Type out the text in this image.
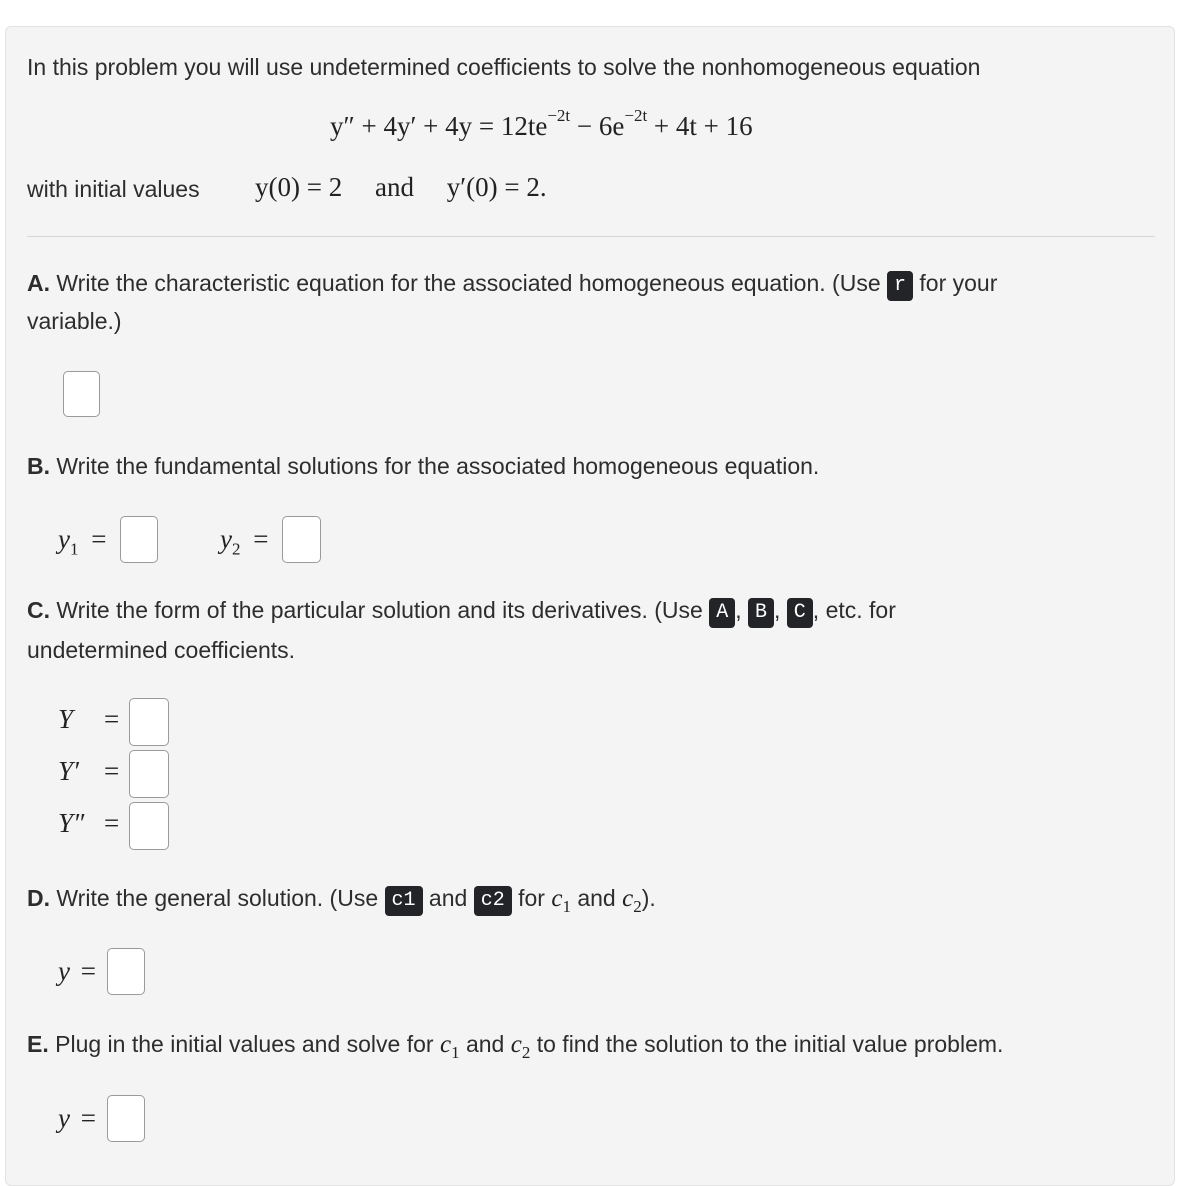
In this problem you will use undetermined coefficients to solve the nonhomogeneous equation
$y'' + 4y' + 4y = 12te^{-2t} - 6e^{-2t} + 4t + 16$
with initial values y(0) = 2 and y′(0) = 2.
A. Write the characteristic equation for the associated homogeneous equation. (Use r for your
variable.)
B. Write the fundamental solutions for the associated homogeneous equation.
$y_1$ =	$y_2$ =
C. Write the form of the particular solution and its derivatives. (Use A , B , C , etc. for
undetermined coefficients.
Y =
Y′ =
Y″ =
D. Write the general solution. (Use c1 and c2 for $c_1$ and $c_2$).
y =
E. Plug in the initial values and solve for $c_1$ and $c_2$ to find the solution to the initial value problem.
y =
